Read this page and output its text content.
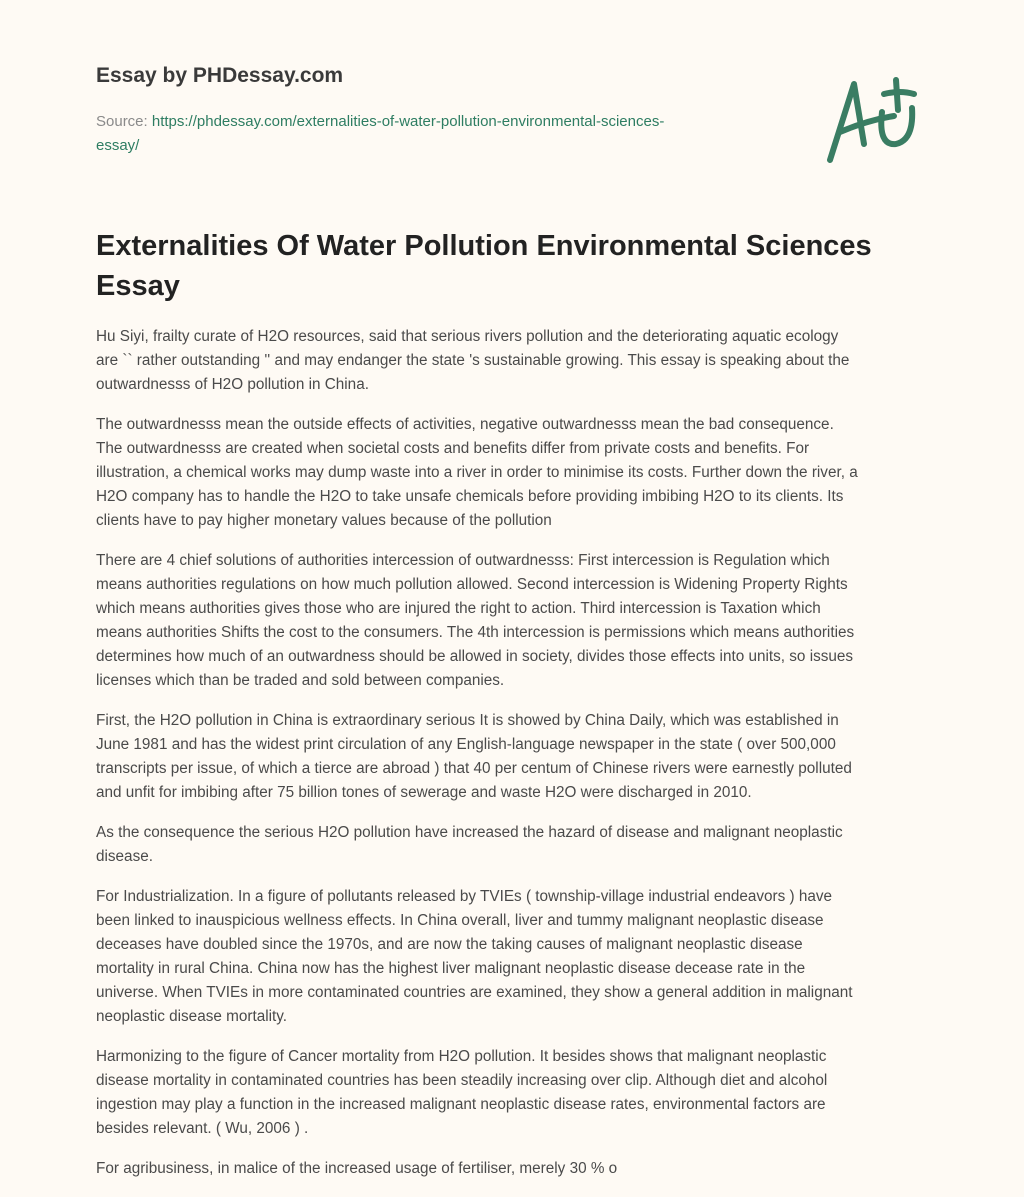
Essay by PHDessay.com
Source: https://phdessay.com/externalities-of-water-pollution-environmental-sciences-
essay/
Externalities Of Water Pollution Environmental Sciences Essay

Hu Siyi, frailty curate of H2O resources, said that serious rivers pollution and the deteriorating aquatic ecology
are `` rather outstanding '' and may endanger the state 's sustainable growing. This essay is speaking about the
outwardnesss of H2O pollution in China.

The outwardnesss mean the outside effects of activities, negative outwardnesss mean the bad consequence.
The outwardnesss are created when societal costs and benefits differ from private costs and benefits. For
illustration, a chemical works may dump waste into a river in order to minimise its costs. Further down the river, a
H2O company has to handle the H2O to take unsafe chemicals before providing imbibing H2O to its clients. Its
clients have to pay higher monetary values because of the pollution

There are 4 chief solutions of authorities intercession of outwardnesss: First intercession is Regulation which
means authorities regulations on how much pollution allowed. Second intercession is Widening Property Rights
which means authorities gives those who are injured the right to action. Third intercession is Taxation which
means authorities Shifts the cost to the consumers. The 4th intercession is permissions which means authorities
determines how much of an outwardness should be allowed in society, divides those effects into units, so issues
licenses which than be traded and sold between companies.

First, the H2O pollution in China is extraordinary serious It is showed by China Daily, which was established in
June 1981 and has the widest print circulation of any English-language newspaper in the state ( over 500,000
transcripts per issue, of which a tierce are abroad ) that 40 per centum of Chinese rivers were earnestly polluted
and unfit for imbibing after 75 billion tones of sewerage and waste H2O were discharged in 2010.

As the consequence the serious H2O pollution have increased the hazard of disease and malignant neoplastic
disease.

For Industrialization. In a figure of pollutants released by TVIEs ( township-village industrial endeavors ) have
been linked to inauspicious wellness effects. In China overall, liver and tummy malignant neoplastic disease
deceases have doubled since the 1970s, and are now the taking causes of malignant neoplastic disease
mortality in rural China. China now has the highest liver malignant neoplastic disease decease rate in the
universe. When TVIEs in more contaminated countries are examined, they show a general addition in malignant
neoplastic disease mortality.

Harmonizing to the figure of Cancer mortality from H2O pollution. It besides shows that malignant neoplastic
disease mortality in contaminated countries has been steadily increasing over clip. Although diet and alcohol
ingestion may play a function in the increased malignant neoplastic disease rates, environmental factors are
besides relevant. ( Wu, 2006 ) .

For agribusiness, in malice of the increased usage of fertiliser, merely 30 % o
